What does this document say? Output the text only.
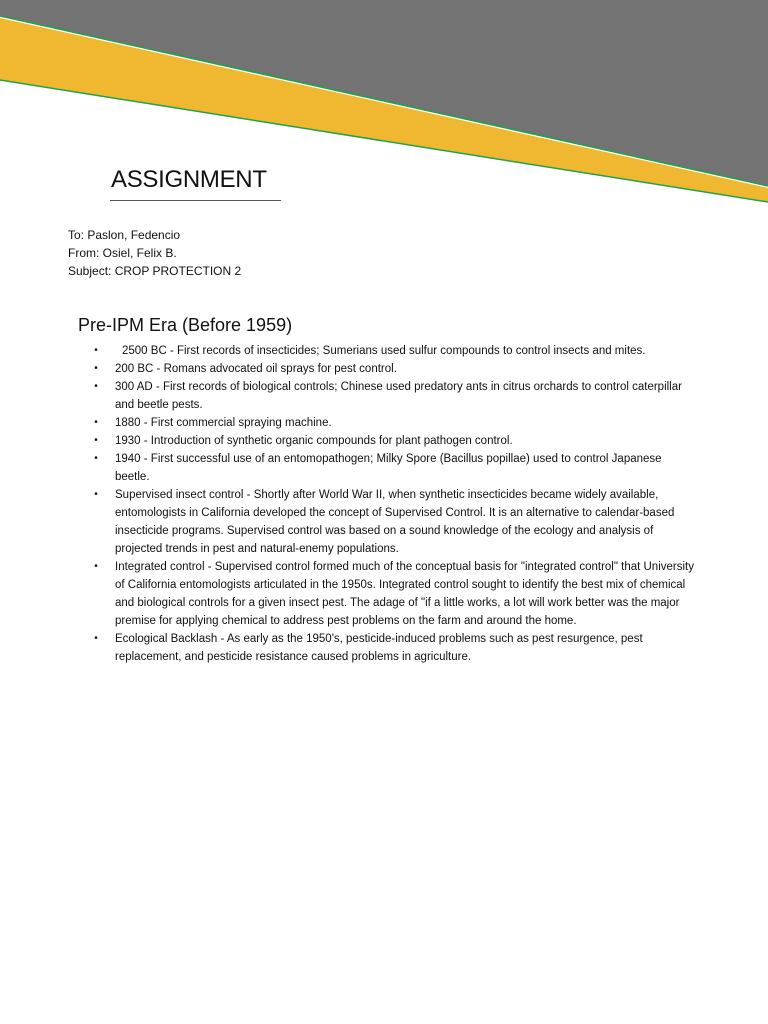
ASSIGNMENT
To: Paslon, Fedencio
From: Osiel, Felix B.
Subject: CROP PROTECTION 2
Pre-IPM Era (Before 1959)
• 2500 BC - First records of insecticides; Sumerians used sulfur compounds to control insects and mites.
• 200 BC - Romans advocated oil sprays for pest control.
• 300 AD - First records of biological controls; Chinese used predatory ants in citrus orchards to control caterpillar and beetle pests.
• 1880 - First commercial spraying machine.
• 1930 - Introduction of synthetic organic compounds for plant pathogen control.
• 1940 - First successful use of an entomopathogen; Milky Spore (Bacillus popillae) used to control Japanese beetle.
• Supervised insect control - Shortly after World War II, when synthetic insecticides became widely available, entomologists in California developed the concept of Supervised Control. It is an alternative to calendar-based insecticide programs. Supervised control was based on a sound knowledge of the ecology and analysis of projected trends in pest and natural-enemy populations.
• Integrated control - Supervised control formed much of the conceptual basis for "integrated control" that University of California entomologists articulated in the 1950s. Integrated control sought to identify the best mix of chemical and biological controls for a given insect pest. The adage of "if a little works, a lot will work better was the major premise for applying chemical to address pest problems on the farm and around the home.
• Ecological Backlash - As early as the 1950's, pesticide-induced problems such as pest resurgence, pest replacement, and pesticide resistance caused problems in agriculture.
